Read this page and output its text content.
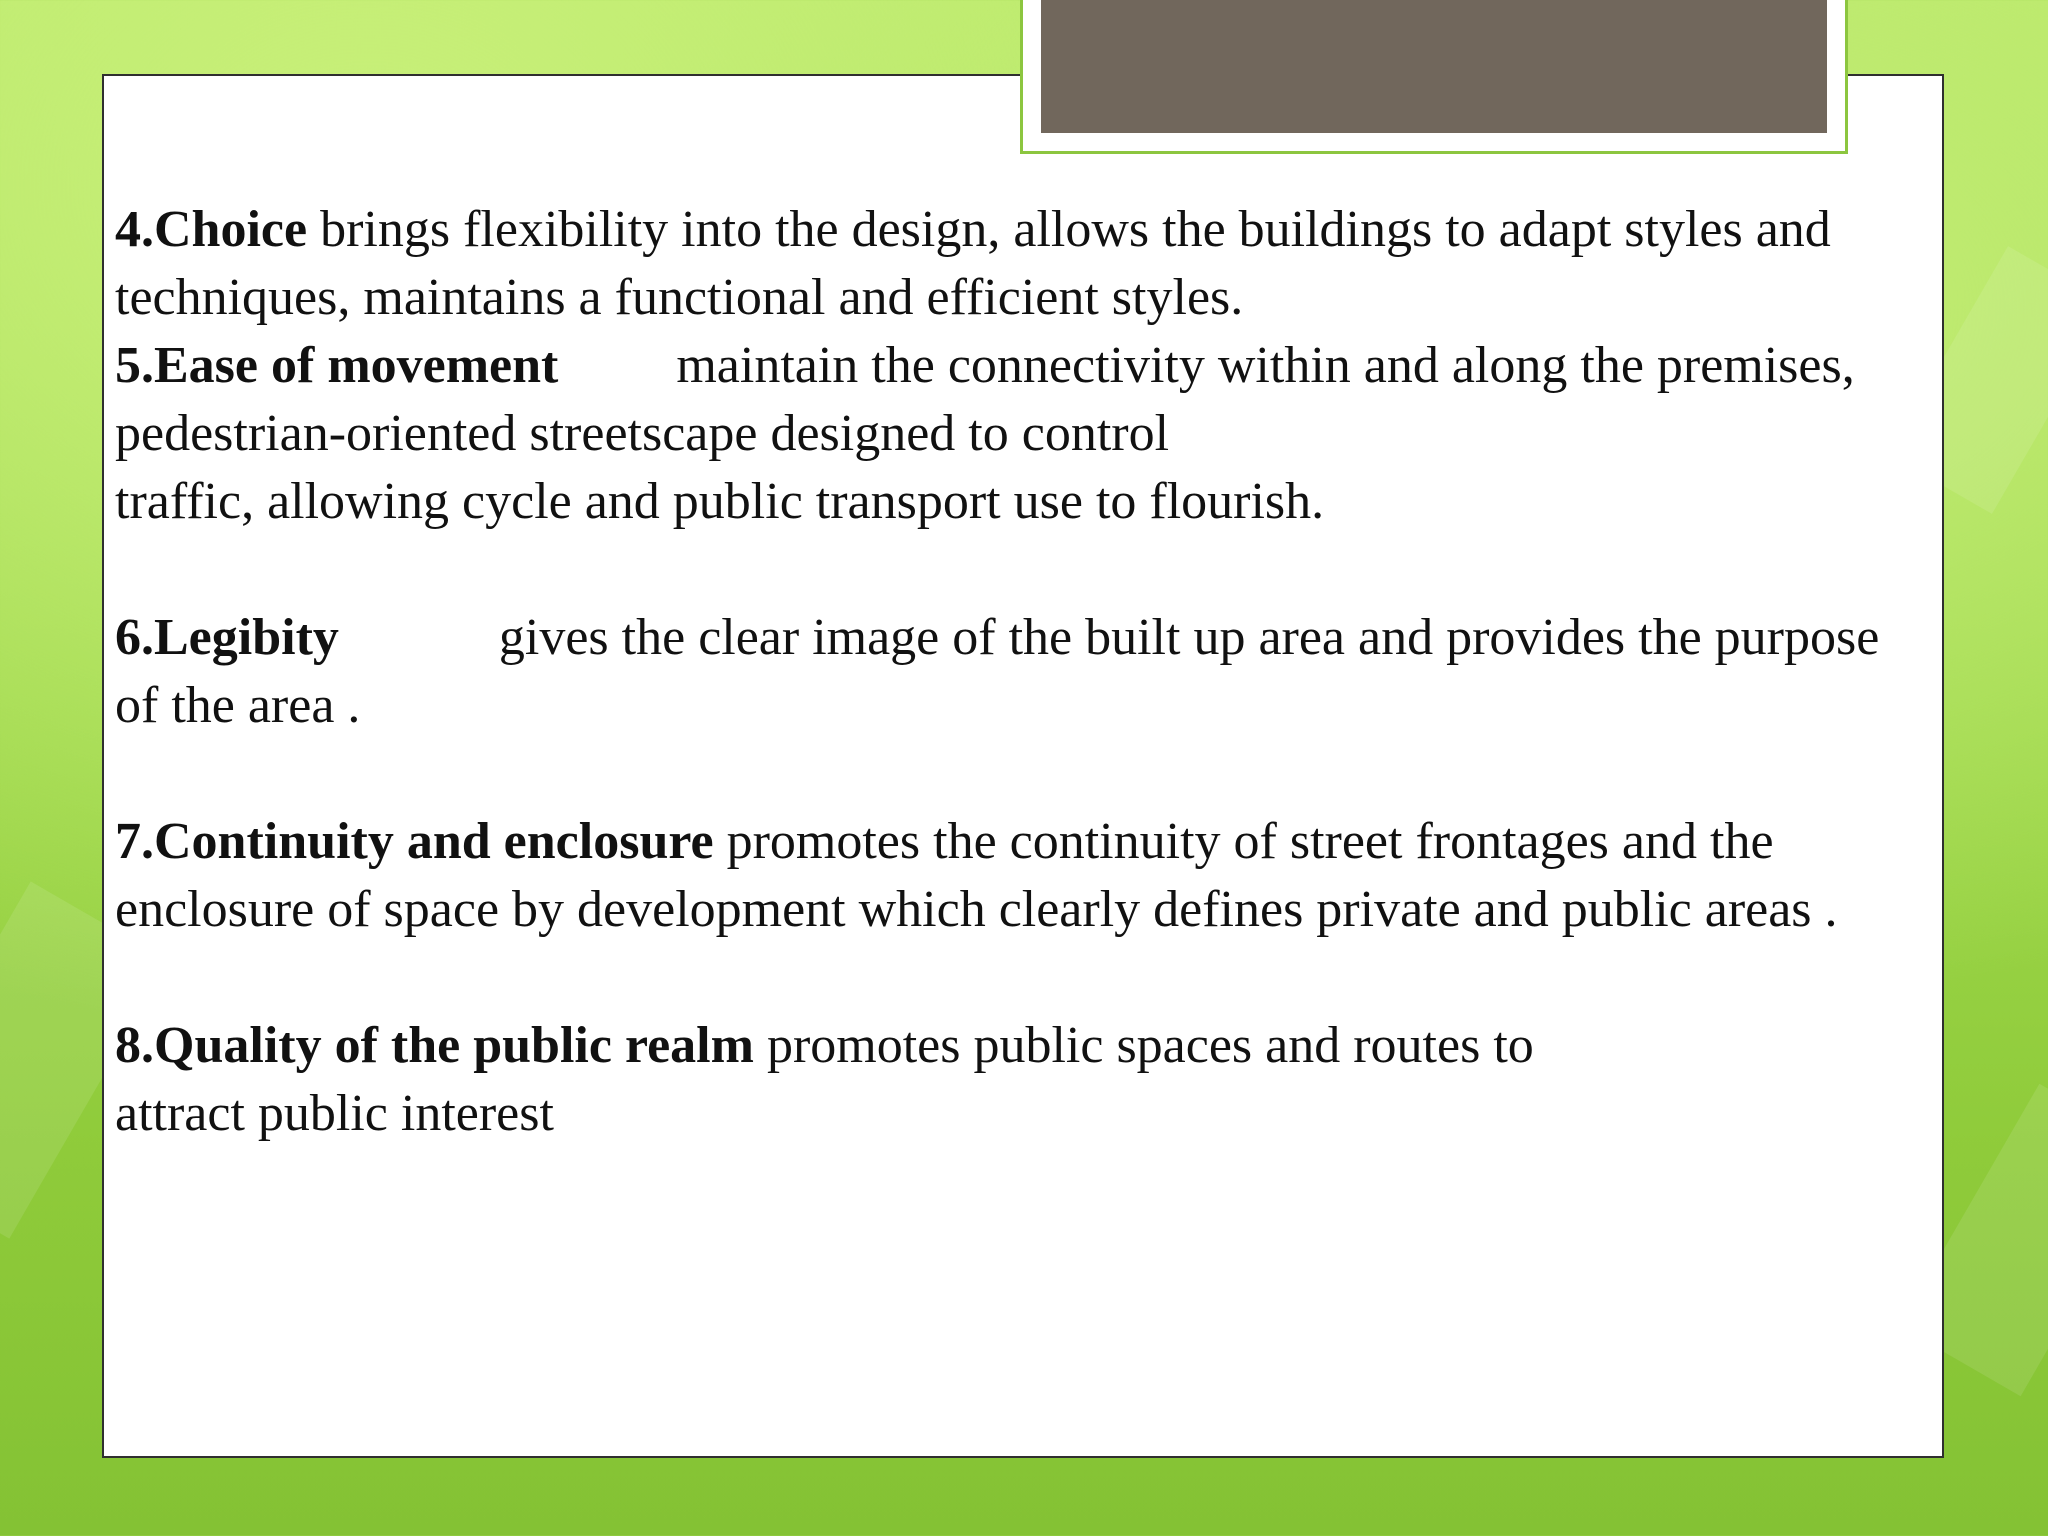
4.Choice brings flexibility into the design, allows the buildings to adapt styles and techniques, maintains a functional and efficient styles.

5.Ease of movement maintain the connectivity within and along the premises, pedestrian-oriented streetscape designed to control

traffic, allowing cycle and public transport use to flourish.

6.Legibity	gives the clear image of the built up area and provides the purpose of the area .

7.Continuity and enclosure promotes the continuity of street frontages and the enclosure of space by development which clearly defines private and public areas .

8.Quality of the public realm promotes public spaces and routes to

attract public interest
